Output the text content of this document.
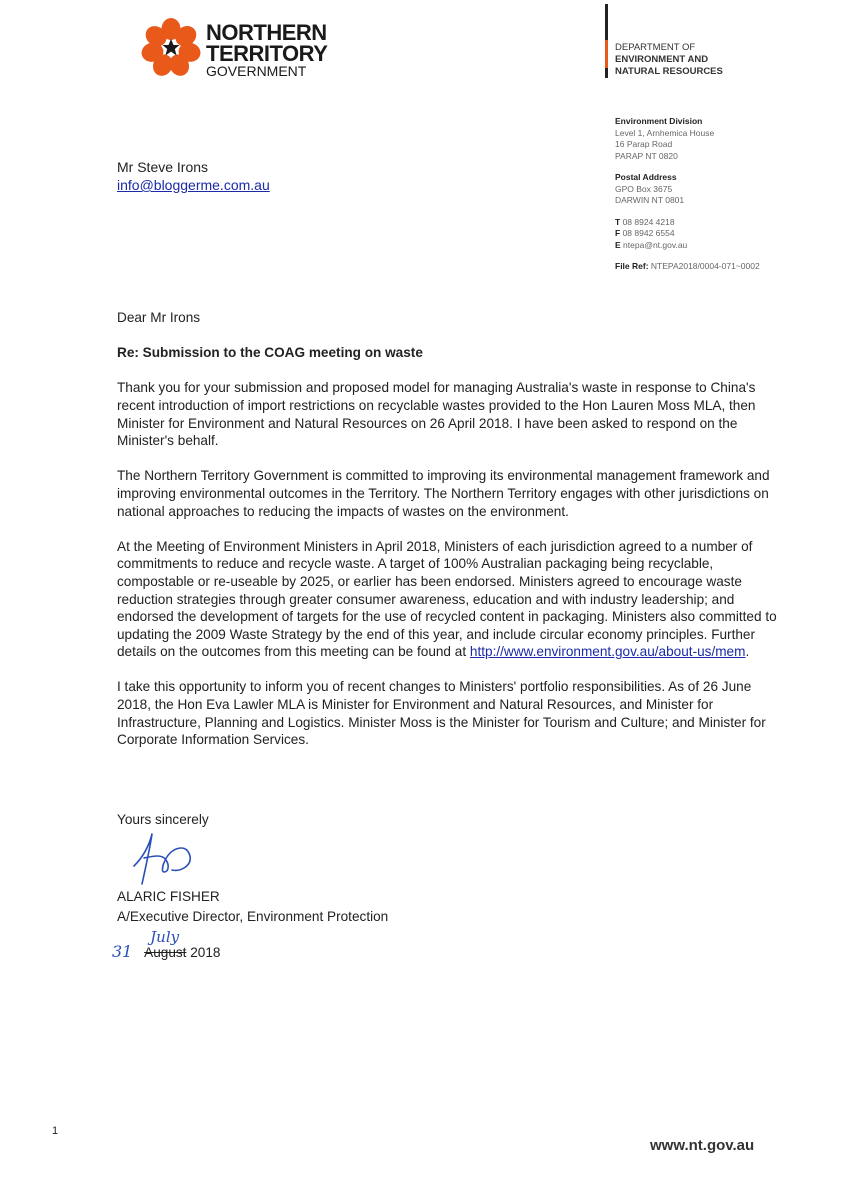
NORTHERN
TERRITORY
GOVERNMENT
DEPARTMENT OF
ENVIRONMENT AND
NATURAL RESOURCES
Environment Division
Level 1, Arnhemica House
16 Parap Road
PARAP NT 0820
Postal Address
GPO Box 3675
DARWIN NT 0801
T 08 8924 4218
F 08 8942 6554
E ntepa@nt.gov.au
File Ref: NTEPA2018/0004-071~0002
Mr Steve Irons
info@bloggerme.com.au

Dear Mr Irons

Re: Submission to the COAG meeting on waste

Thank you for your submission and proposed model for managing Australia's waste in response to China's recent introduction of import restrictions on recyclable wastes provided to the Hon Lauren Moss MLA, then Minister for Environment and Natural Resources on 26 April 2018. I have been asked to respond on the Minister's behalf.

The Northern Territory Government is committed to improving its environmental management framework and improving environmental outcomes in the Territory. The Northern Territory engages with other jurisdictions on national approaches to reducing the impacts of wastes on the environment.

At the Meeting of Environment Ministers in April 2018, Ministers of each jurisdiction agreed to a number of commitments to reduce and recycle waste. A target of 100% Australian packaging being recyclable, compostable or re-useable by 2025, or earlier has been endorsed. Ministers agreed to encourage waste reduction strategies through greater consumer awareness, education and with industry leadership; and endorsed the development of targets for the use of recycled content in packaging. Ministers also committed to updating the 2009 Waste Strategy by the end of this year, and include circular economy principles. Further details on the outcomes from this meeting can be found at http://www.environment.gov.au/about-us/mem.

I take this opportunity to inform you of recent changes to Ministers' portfolio responsibilities. As of 26 June 2018, the Hon Eva Lawler MLA is Minister for Environment and Natural Resources, and Minister for Infrastructure, Planning and Logistics. Minister Moss is the Minister for Tourism and Culture; and Minister for Corporate Information Services.

Yours sincerely
ALARIC FISHER
A/Executive Director, Environment Protection
31
July
August 2018
1
www.nt.gov.au
